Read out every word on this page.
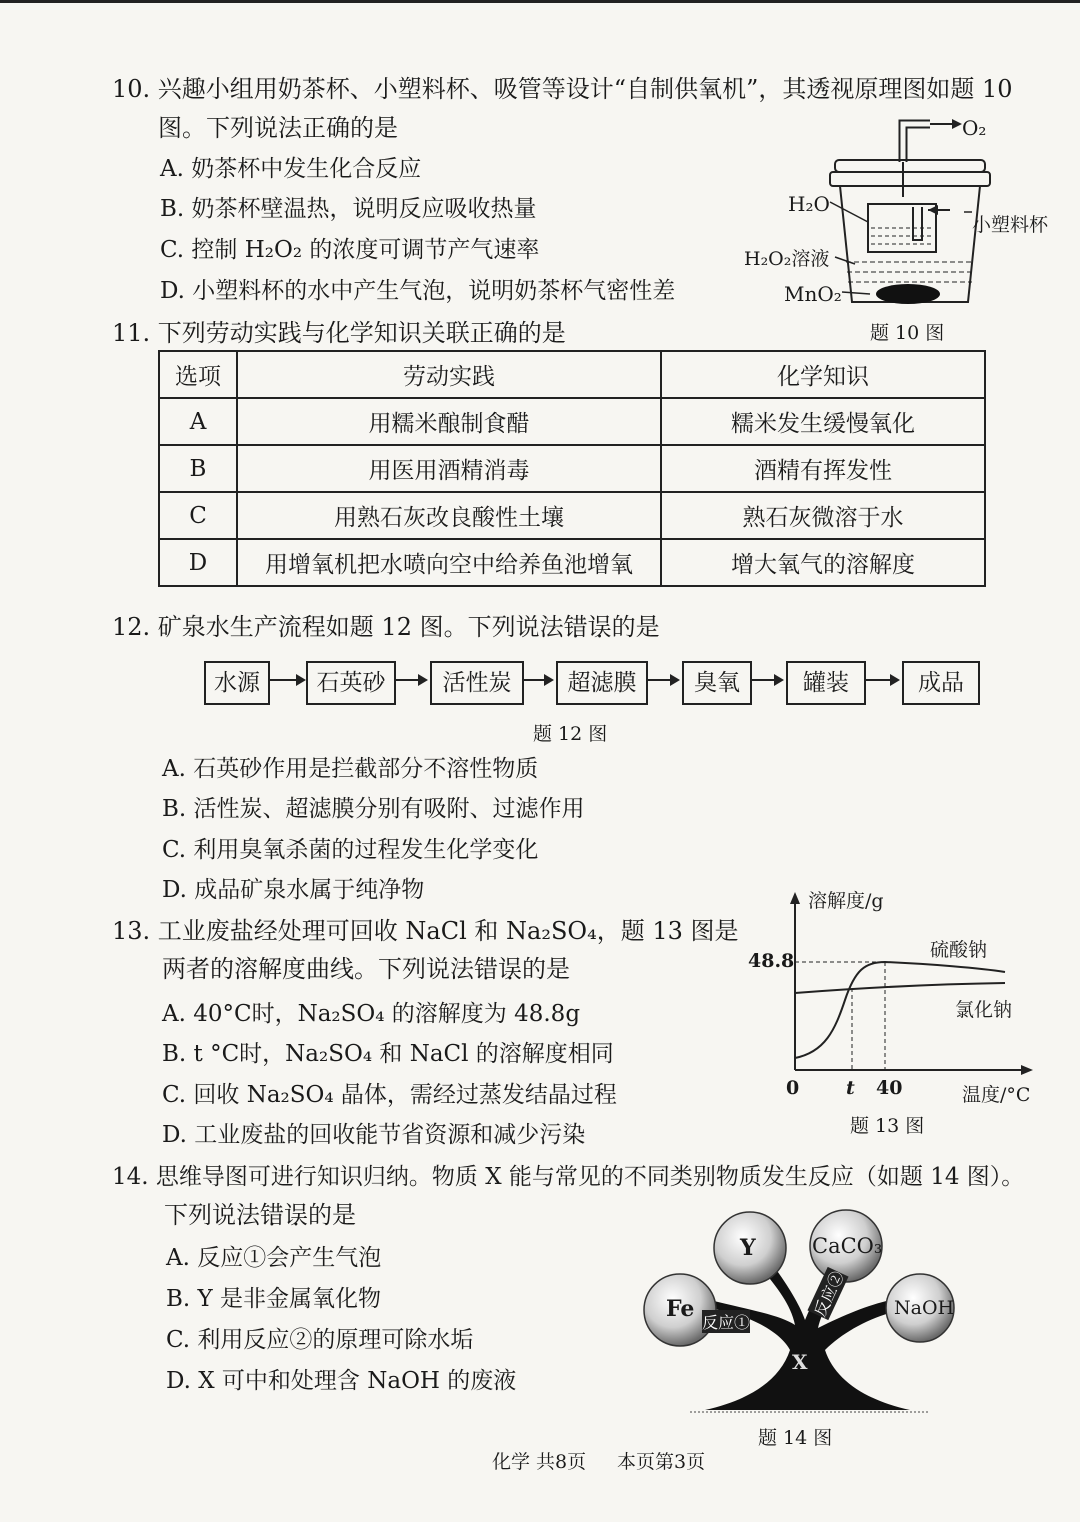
10. 兴趣小组用奶茶杯、小塑料杯、吸管等设计“自制供氧机”，其透视原理图如题 10
图。下列说法正确的是
A. 奶茶杯中发生化合反应
B. 奶茶杯壁温热，说明反应吸收热量
C. 控制 H₂O₂ 的浓度可调节产气速率
D. 小塑料杯的水中产生气泡，说明奶茶杯气密性差
O₂
H₂O
小塑料杯
H₂O₂溶液
MnO₂
题 10 图
11. 下列劳动实践与化学知识关联正确的是
选项	劳动实践	化学知识
A	用糯米酿制食醋	糯米发生缓慢氧化
B	用医用酒精消毒	酒精有挥发性
C	用熟石灰改良酸性土壤	熟石灰微溶于水
D	用增氧机把水喷向空中给养鱼池增氧	增大氧气的溶解度
12. 矿泉水生产流程如题 12 图。下列说法错误的是
水源	石英砂	活性炭	超滤膜	臭氧	罐装	成品
题 12 图
A. 石英砂作用是拦截部分不溶性物质
B. 活性炭、超滤膜分别有吸附、过滤作用
C. 利用臭氧杀菌的过程发生化学变化
D. 成品矿泉水属于纯净物
13. 工业废盐经处理可回收 NaCl 和 Na₂SO₄，题 13 图是
两者的溶解度曲线。下列说法错误的是
A. 40°C时，Na₂SO₄ 的溶解度为 48.8g
B. t °C时，Na₂SO₄ 和 NaCl 的溶解度相同
C. 回收 Na₂SO₄ 晶体，需经过蒸发结晶过程
D. 工业废盐的回收能节省资源和减少污染
溶解度/g
48.8	硫酸钠
氯化钠
0 t 40	温度/°C
题 13 图
14. 思维导图可进行知识归纳。物质 X 能与常见的不同类别物质发生反应（如题 14 图）。
下列说法错误的是
A. 反应①会产生气泡
B. Y 是非金属氧化物
C. 利用反应②的原理可除水垢
D. X 可中和处理含 NaOH 的废液
Fe
Y	CaCO₃
NaOH
X
反应①
反应②
题 14 图
化学 共8页 本页第3页
